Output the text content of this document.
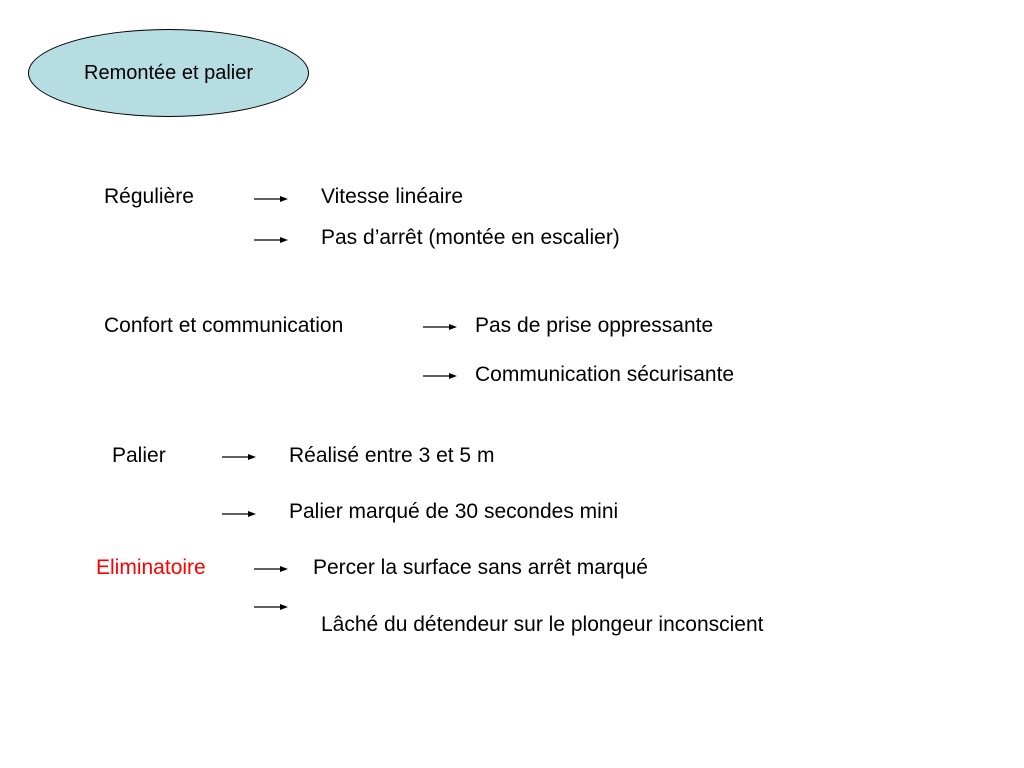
Remontée et palier
Régulière	Vitesse linéaire
Pas d’arrêt (montée en escalier)
Confort et communication	Pas de prise oppressante
Communication sécurisante
Palier	Réalisé entre 3 et 5 m
Palier marqué de 30 secondes mini
Eliminatoire	Percer la surface sans arrêt marqué
Lâché du détendeur sur le plongeur inconscient
